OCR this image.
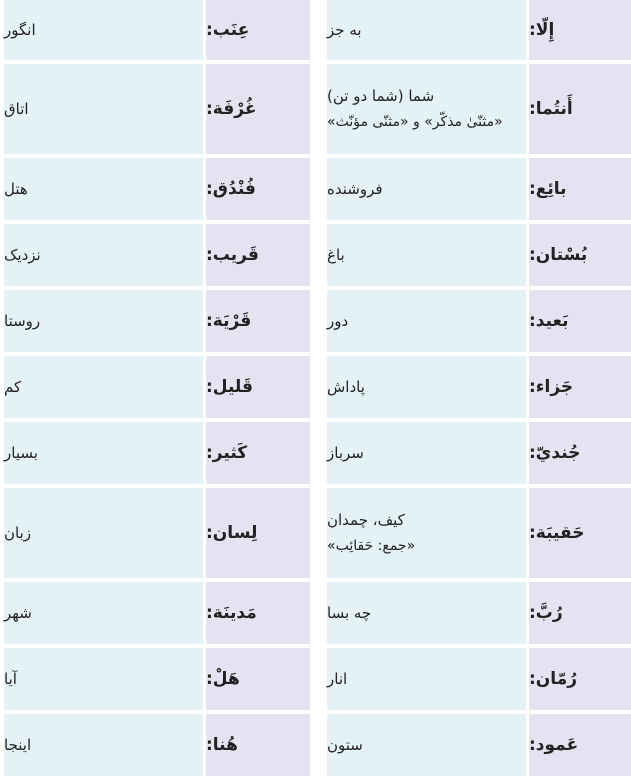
إِلّا:
به جز
أَنتُما:
شما (شما دو تن)
«مثنّیٰ مذکّر» و «مثنّی مؤنّث»
بائِع:
فروشنده
بُسْتان:
باغ
بَعید:
دور
جَزاء:
پاداش
جُنديّ:
سرباز
حَقيبَة:
کیف، چمدان
«جمع: حَقائِب»
رُبَّ:
چه بسا
رُمّان:
انار
عَمود:
ستون
عِنَب:
انگور
غُرْفَة:
اتاق
فُنْدُق:
هتل
قَريب:
نزدیک
قَرْيَة:
روستا
قَليل:
کم
كَثير:
بسیار
لِسان:
زبان
مَدينَة:
شهر
هَلْ:
آیا
هُنا:
اینجا
